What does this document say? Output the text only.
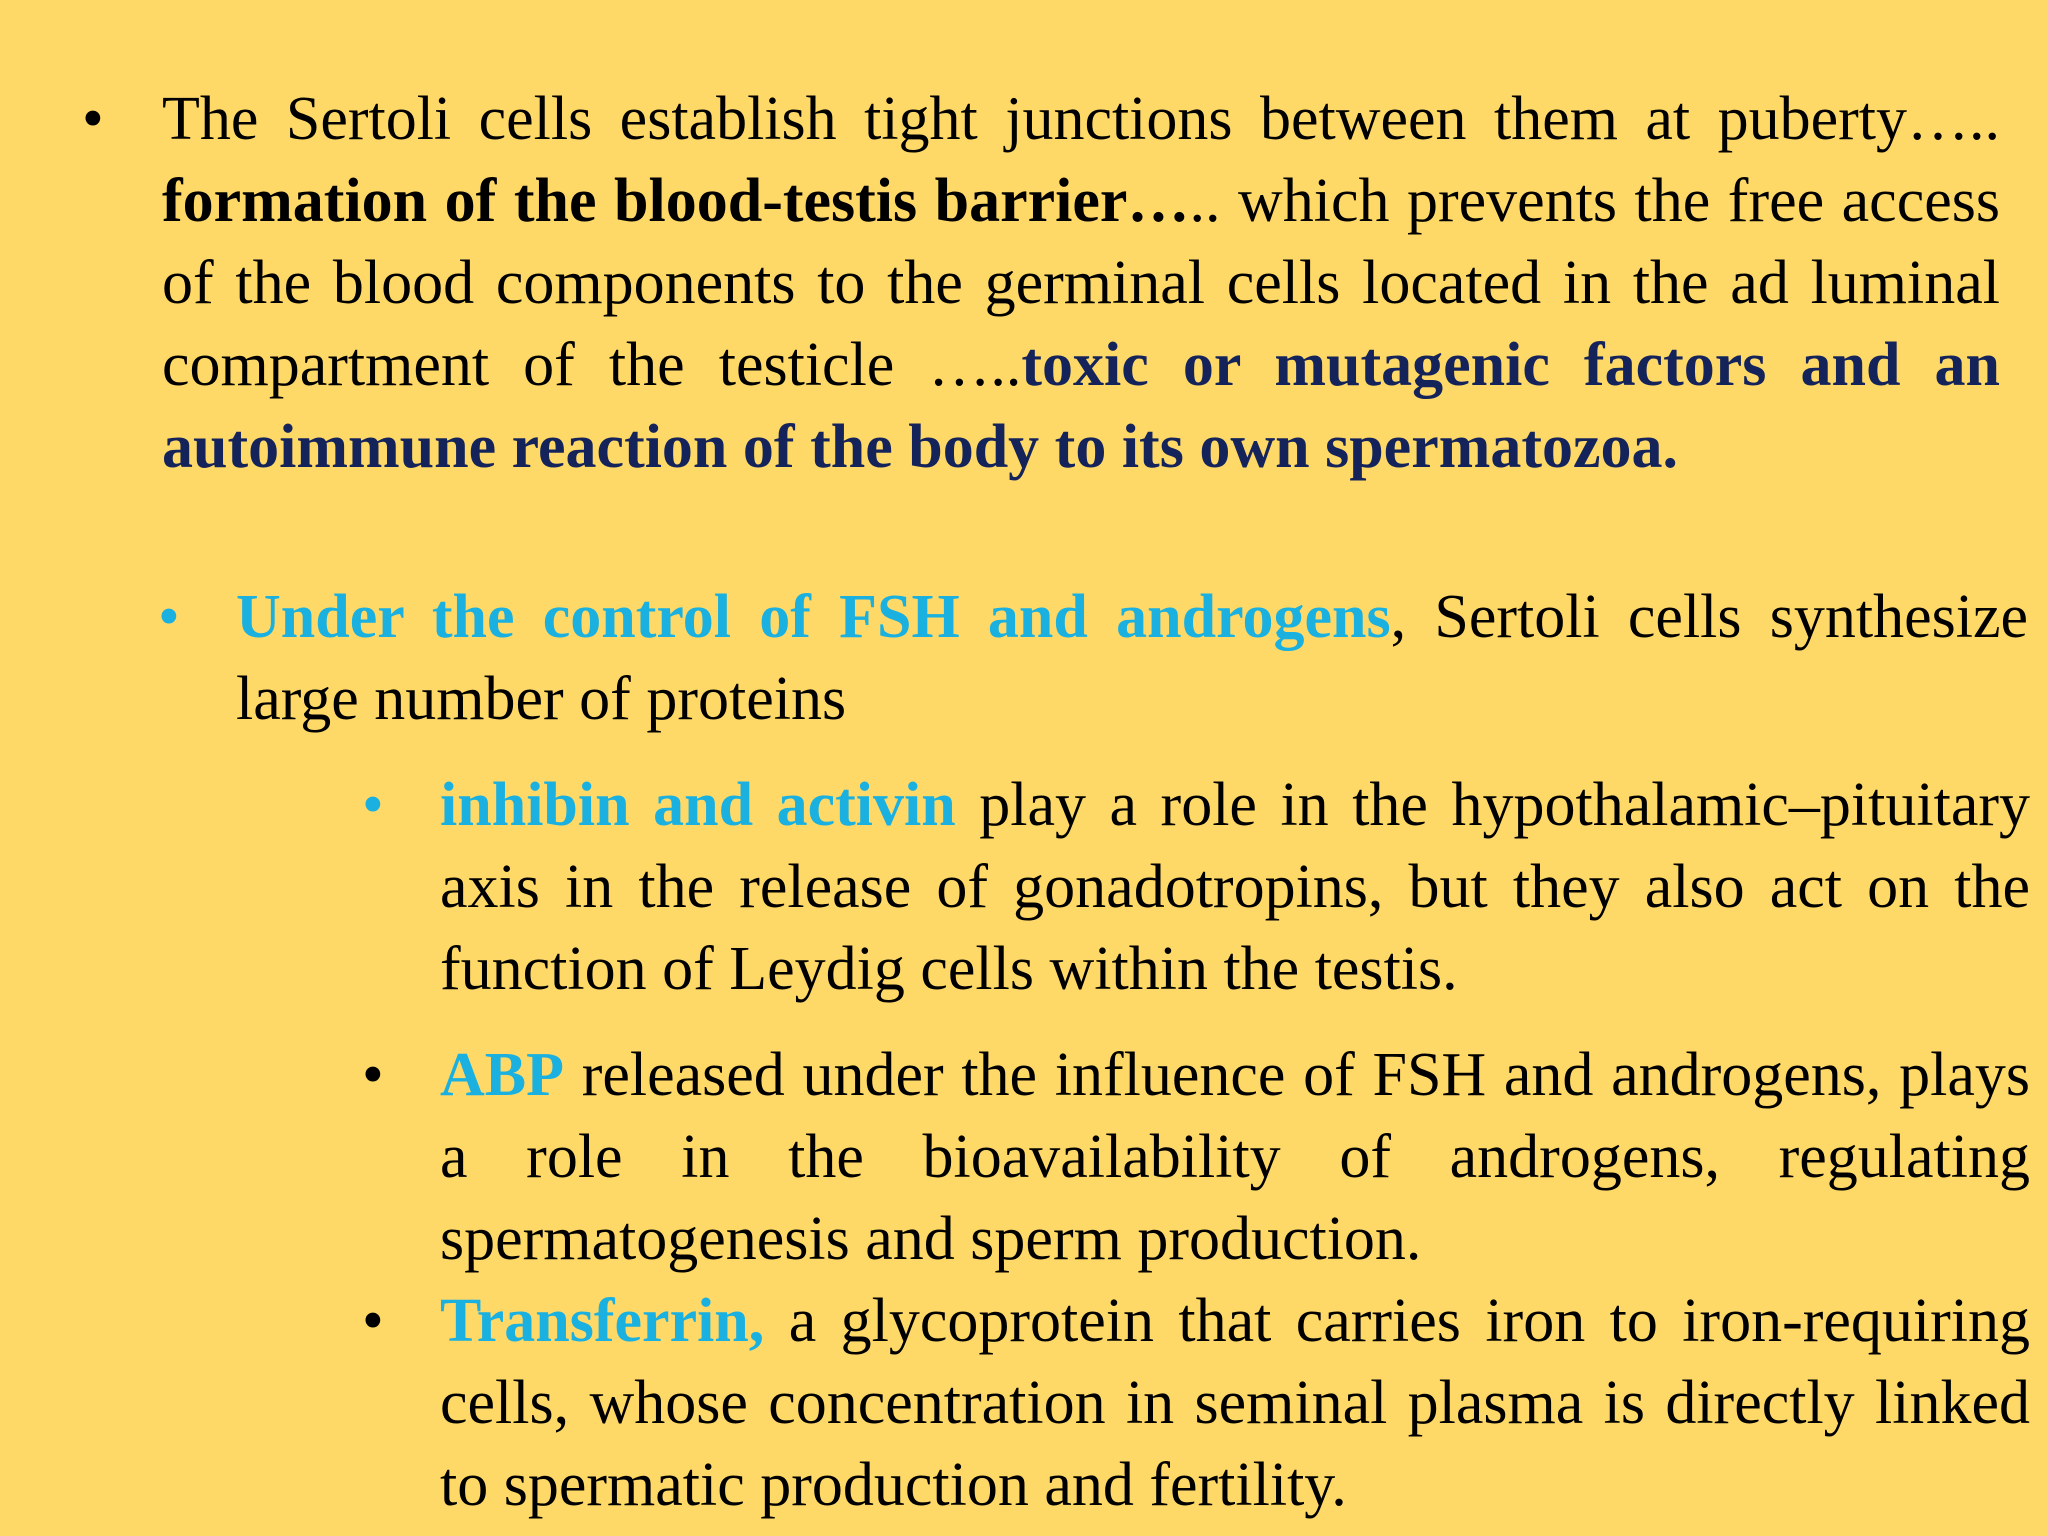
• The Sertoli cells establish tight junctions between them at puberty….. formation of the blood-testis barrier….. which prevents the free access of the blood components to the germinal cells located in the ad luminal compartment of the testicle …..toxic or mutagenic factors and an autoimmune reaction of the body to its own spermatozoa.

• Under the control of FSH and androgens, Sertoli cells synthesize large number of proteins

• inhibin and activin play a role in the hypothalamic–pituitary axis in the release of gonadotropins, but they also act on the function of Leydig cells within the testis.

• ABP released under the influence of FSH and androgens, plays a role in the bioavailability of androgens, regulating spermatogenesis and sperm production.

• Transferrin, a glycoprotein that carries iron to iron-requiring cells, whose concentration in seminal plasma is directly linked to spermatic production and fertility.
